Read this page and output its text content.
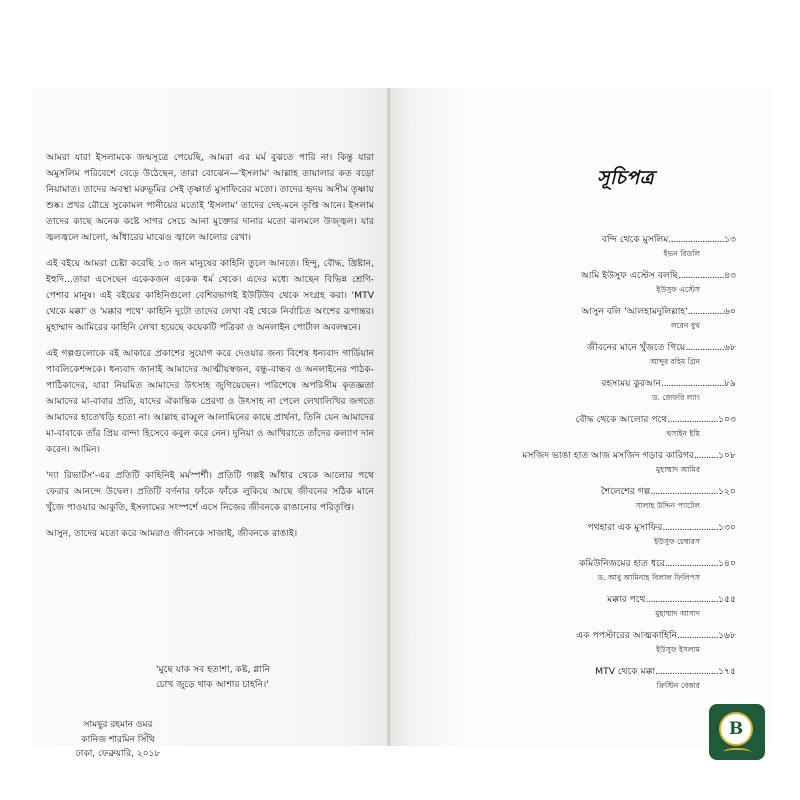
আমরা যারা ইসলামকে জন্মসূত্রে পেয়েছি, আমরা এর মর্ম বুঝতে পারি না। কিন্তু যারা অমুসলিম পরিবেশে বেড়ে উঠেছেন, তারা বোঝেন—'ইসলাম' আল্লাহ তায়ালার কত বড়ো নিয়ামাত। তাদের অবস্থা মরুভূমির সেই তৃষ্ণার্ত মুসাফিরের মতো। তাদের হৃদয় অসীম তৃষ্ণায় শুষ্ক। প্রখর রৌদ্রে সুকোমল পানীয়ের মতোই 'ইসলাম' তাদের দেহ-মনে তৃপ্তি আনে। ইসলাম তাদের কাছে অনেক কষ্টে সাগর সেচে আনা মুক্তোর দানার মতো ঝলমলে উজ্জ্বল। যার জ্বলজ্বলে আলো, আঁধারের মাঝেও জ্বালে আলোর রেখা।

এই বইয়ে আমরা চেষ্টা করেছি ১৩ জন মানুষের কাহিনি তুলে আনতে। হিন্দু, বৌদ্ধ, খ্রিষ্টান, ইহুদি...তারা এসেছেন একেকজন একেক ধর্ম থেকে। এদের মধ্যে আছেন বিভিন্ন শ্রেণি-পেশার মানুষ। এই বইয়ের কাহিনিগুলো বেশিরভাগই ইউটিউব থেকে সংগ্রহ করা। 'MTV থেকে মক্কা' ও 'মক্কার পথে' কাহিনি দুটো তাদের লেখা বই থেকে নির্বাচিত অংশের রূপান্তর। মুহাম্মাদ আমিরের কাহিনি লেখা হয়েছে কয়েকটি পত্রিকা ও অনলাইন পোর্টাল অবলম্বনে।

এই গল্পগুলোকে বই আকারে প্রকাশের সুযোগ করে দেওয়ার জন্য বিশেষ ধন্যবাদ গার্ডিয়ান পাবলিকেশন্সকে। ধন্যবাদ জানাই আমাদের আত্মীয়স্বজন, বন্ধু-বান্ধব ও অনলাইনের পাঠক-পাঠিকাদের, যারা নিয়মিত আমাদের উৎসাহ জুগিয়েছেন। পরিশেষে অপরিসীম কৃতজ্ঞতা আমাদের মা-বাবার প্রতি, যাদের ঐকান্তিক প্রেরণা ও উৎসাহ না পেলে লেখালিখির জগতে আমাদের হাতেখড়ি হতো না। আল্লাহ রাব্বুল আলামিনের কাছে প্রার্থনা, তিনি যেন আমাদের মা-বাবাকে তাঁর প্রিয় বান্দা হিসেবে কবুল করে নেন। দুনিয়া ও আখিরাতে তাঁদের কল্যাণ দান করেন। আমিন।

'দ্যা রিভার্টস'-এর প্রতিটি কাহিনিই মর্মস্পর্শী। প্রতিটি গল্পই আঁধার থেকে আলোর পথে ফেরার আনন্দে উদ্বেল। প্রতিটি বর্ণনার ফাঁকে ফাঁকে লুকিয়ে আছে জীবনের সঠিক মানে খুঁজে পাওয়ার আকুতি, ইসলামের সংস্পর্শে এসে নিজের জীবনকে রাঙানোর পরিতৃপ্তি।

আসুন, তাদের মতো করে আমরাও জীবনকে সাজাই, জীবনকে রাঙাই।

'মুছে যাক সব হতাশা, কষ্ট, গ্লানি
চোখ জুড়ে থাক আশার চাহনি।'
সামছুর রহমান ওমর
কানিজ শারমিন সিঁথি
ঢাকা, ফেব্রুয়ারি, ২০১৮
সূচিপত্র
বন্দি থেকে মুসলিম.......................১৩
ইভন রিডলি
আমি ইউসুফ এস্টেস বলছি...................৪৩
ইউসুফ এস্টেস
আসুন বলি 'আলহামদুলিল্লাহ'...............৬০
লরেন বুথ
জীবনের মানে খুঁজতে গিয়ে................৬৮
আব্দুর রহিম গ্রিন
রহস্যময় কুরআন..........................৮৯
ড. জেফরি ল্যাং
বৌদ্ধ থেকে আলোর পথে.....................১০৩
হুসাইন ইয়ি
মসজিদ ভাঙা হাত আজ মসজিদ গড়ার কারিগর..........১০৮
মুহাম্মাদ আমির
শৈলেশের গল্প............................১২০
সালাহ উদ্দিন প্যাটেল
পথহারা এক মুসাফির.......................১৩০
ইউসুফ চেম্বারস
কমিউনিজমের হাত ধরে......................১৪০
ড. আবু আমিনাহ বিলাল ফিলিপস
মক্কার পথে..............................১৫৫
মুহাম্মাদ আসাদ
এক পপস্টারের আত্মকাহিনি.................১৬৮
ইউসুফ ইসলাম
MTV থেকে মক্কা..........................১৭৫
ক্রিস্টিন বেকার
B
